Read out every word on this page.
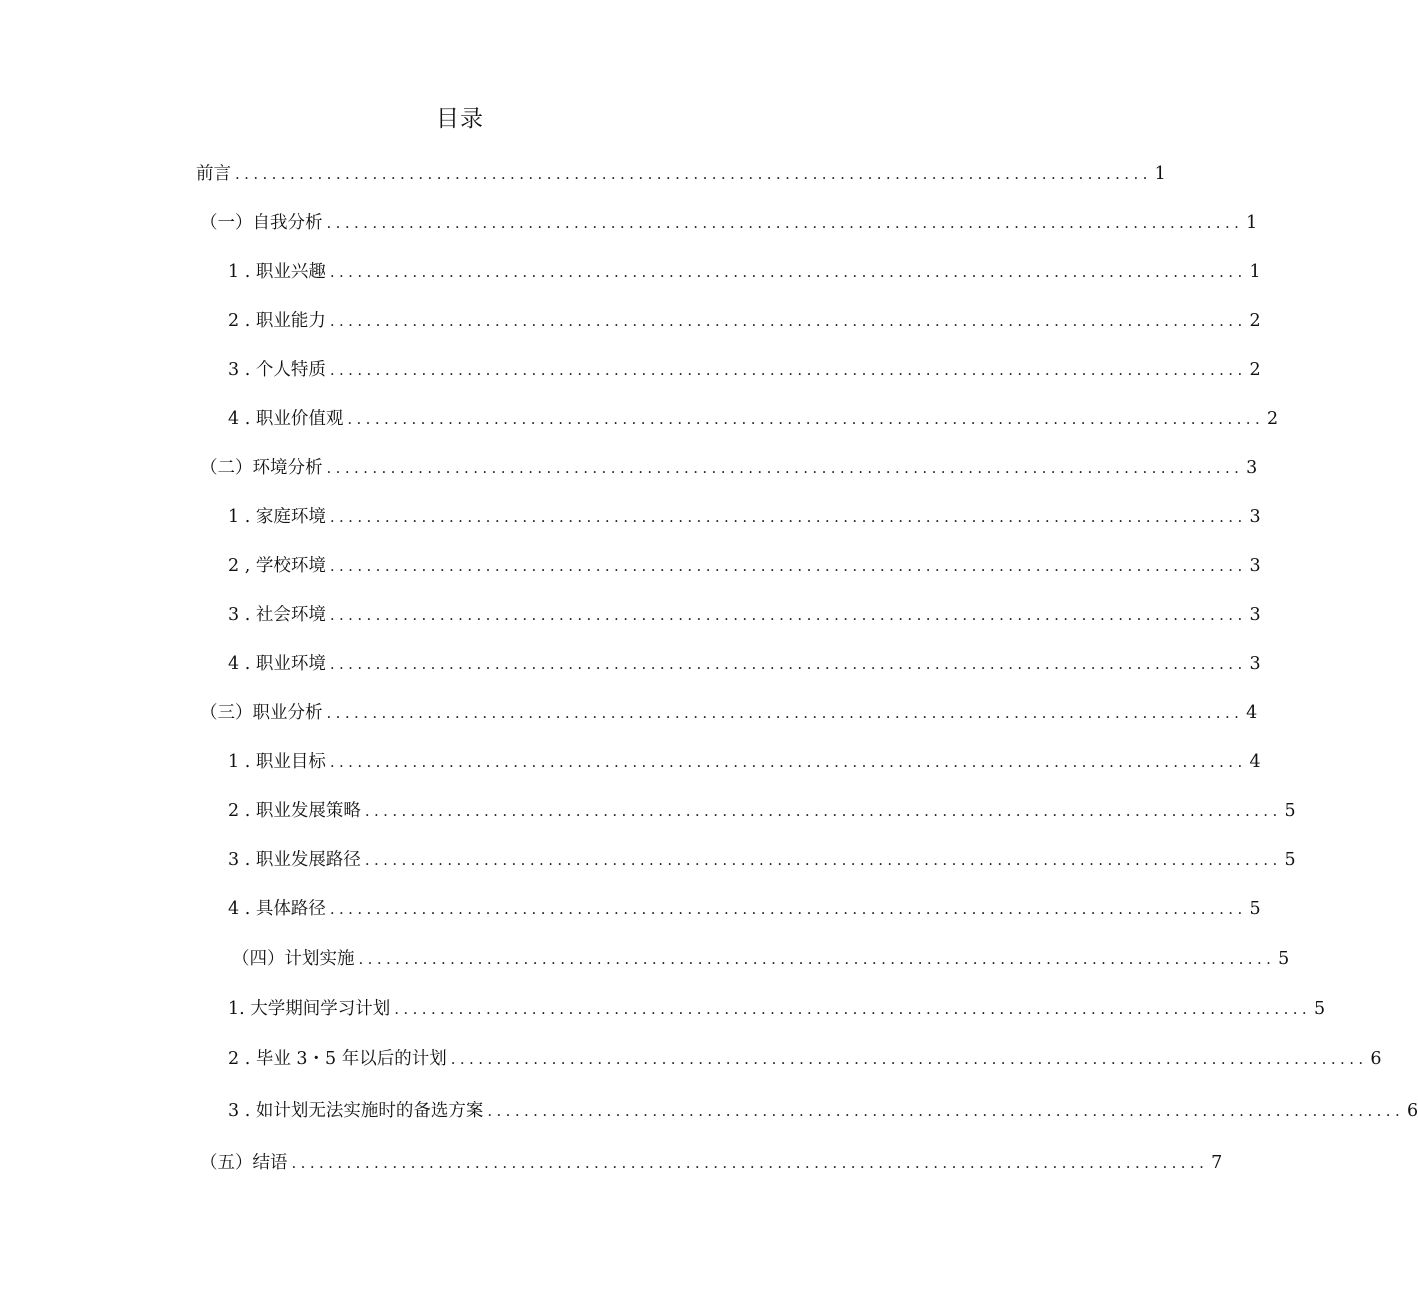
目录
前言 .................................................................................................... 1
（一）自我分析 .................................................................................................... 1
1 . 职业兴趣 .................................................................................................... 1
2 . 职业能力 .................................................................................................... 2
3 . 个人特质 .................................................................................................... 2
4 . 职业价值观 .................................................................................................... 2
（二）环境分析 .................................................................................................... 3
1 . 家庭环境 .................................................................................................... 3
2 , 学校环境 .................................................................................................... 3
3 . 社会环境 .................................................................................................... 3
4 . 职业环境 .................................................................................................... 3
（三）职业分析 .................................................................................................... 4
1 . 职业目标 .................................................................................................... 4
2 . 职业发展策略 .................................................................................................... 5
3 . 职业发展路径 .................................................................................................... 5
4 . 具体路径 .................................................................................................... 5
（四）计划实施 .................................................................................................... 5
1. 大学期间学习计划 .................................................................................................... 5
2 . 毕业 3・5 年以后的计划 .................................................................................................... 6
3 . 如计划无法实施时的备选方案 .................................................................................................... 6
（五）结语 .................................................................................................... 7
